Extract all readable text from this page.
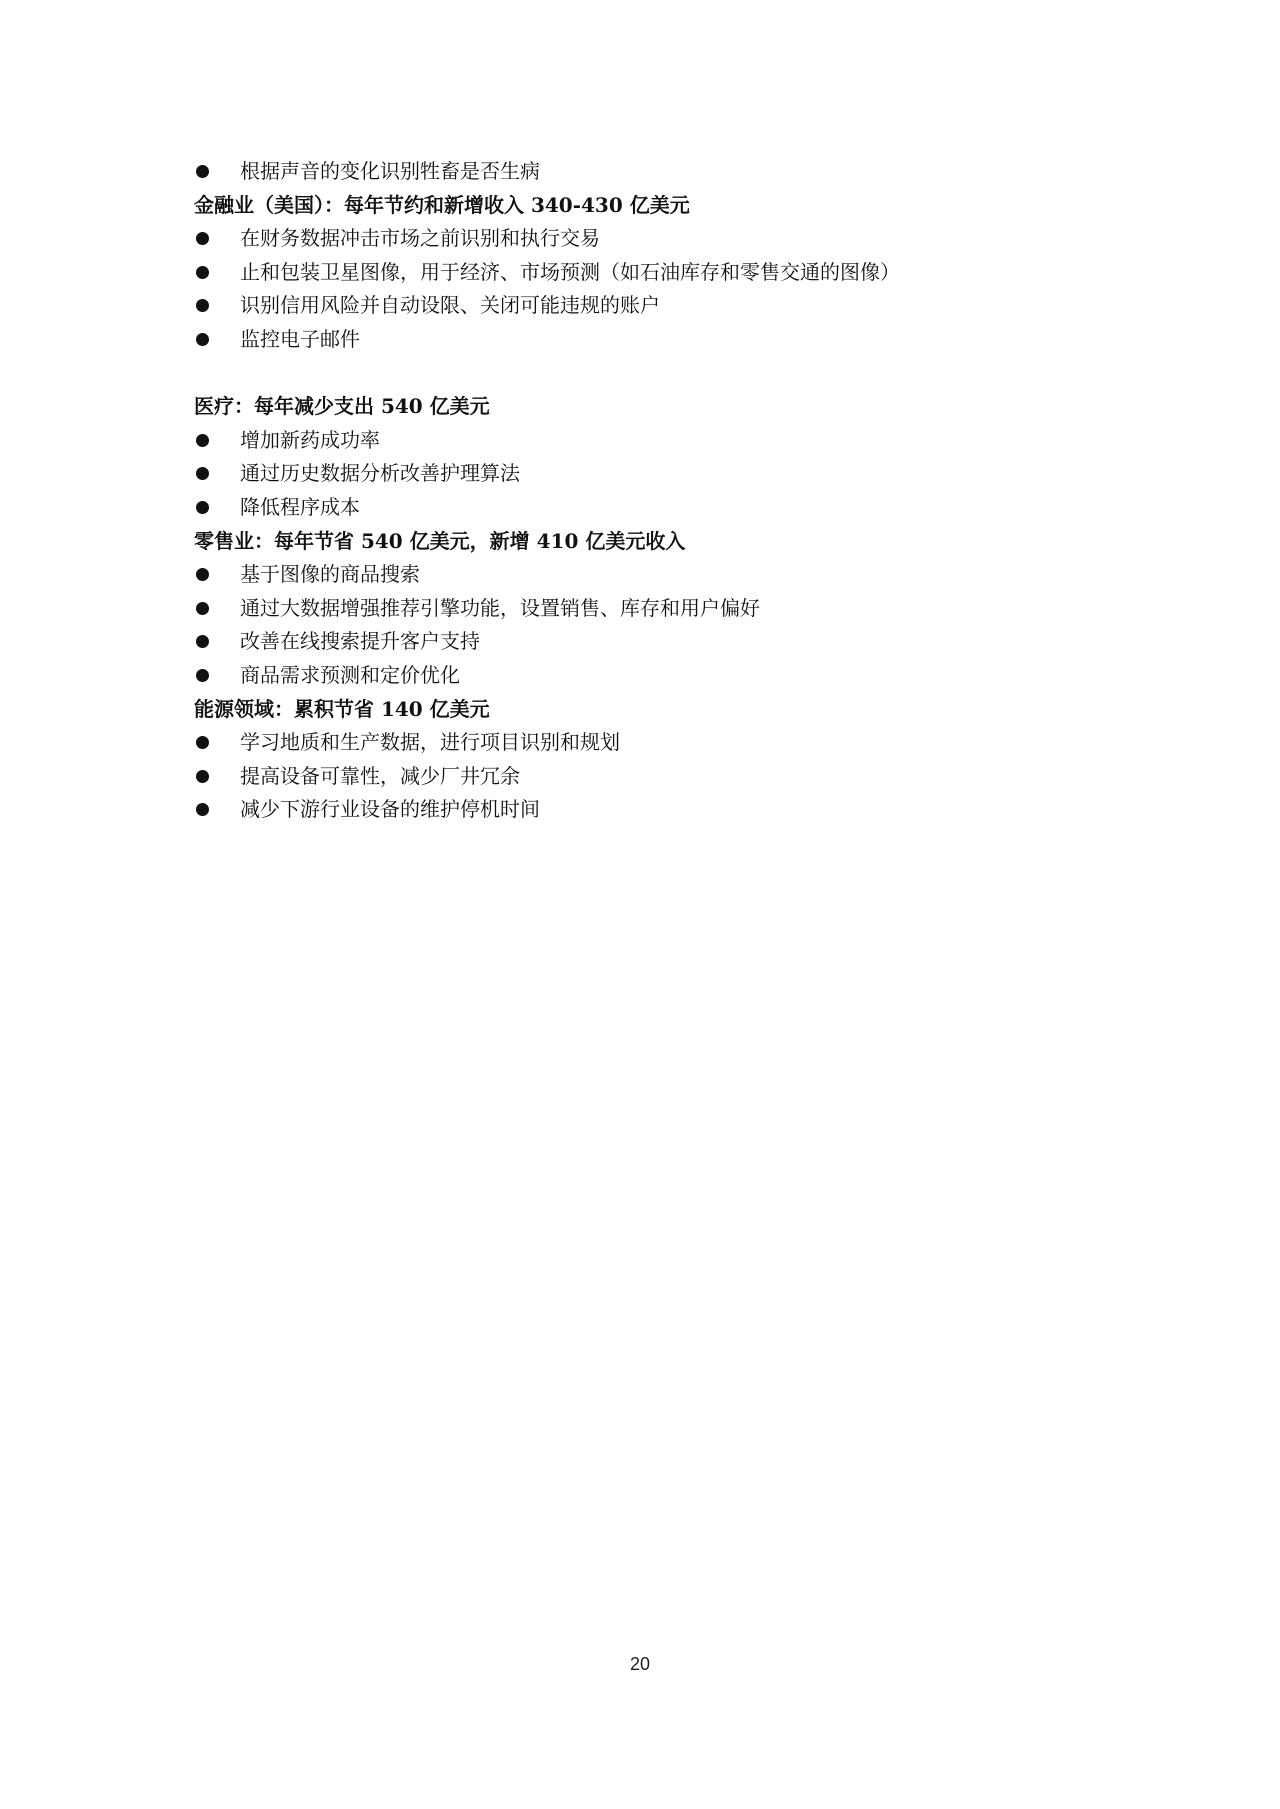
根据声音的变化识别牲畜是否生病
金融业（美国）：每年节约和新增收入 340-430 亿美元
在财务数据冲击市场之前识别和执行交易
止和包装卫星图像，用于经济、市场预测（如石油库存和零售交通的图像）
识别信用风险并自动设限、关闭可能违规的账户
监控电子邮件
医疗：每年减少支出 540 亿美元
增加新药成功率
通过历史数据分析改善护理算法
降低程序成本
零售业：每年节省 540 亿美元，新增 410 亿美元收入
基于图像的商品搜索
通过大数据增强推荐引擎功能，设置销售、库存和用户偏好
改善在线搜索提升客户支持
商品需求预测和定价优化
能源领域：累积节省 140 亿美元
学习地质和生产数据，进行项目识别和规划
提高设备可靠性，减少厂井冗余
减少下游行业设备的维护停机时间
20
